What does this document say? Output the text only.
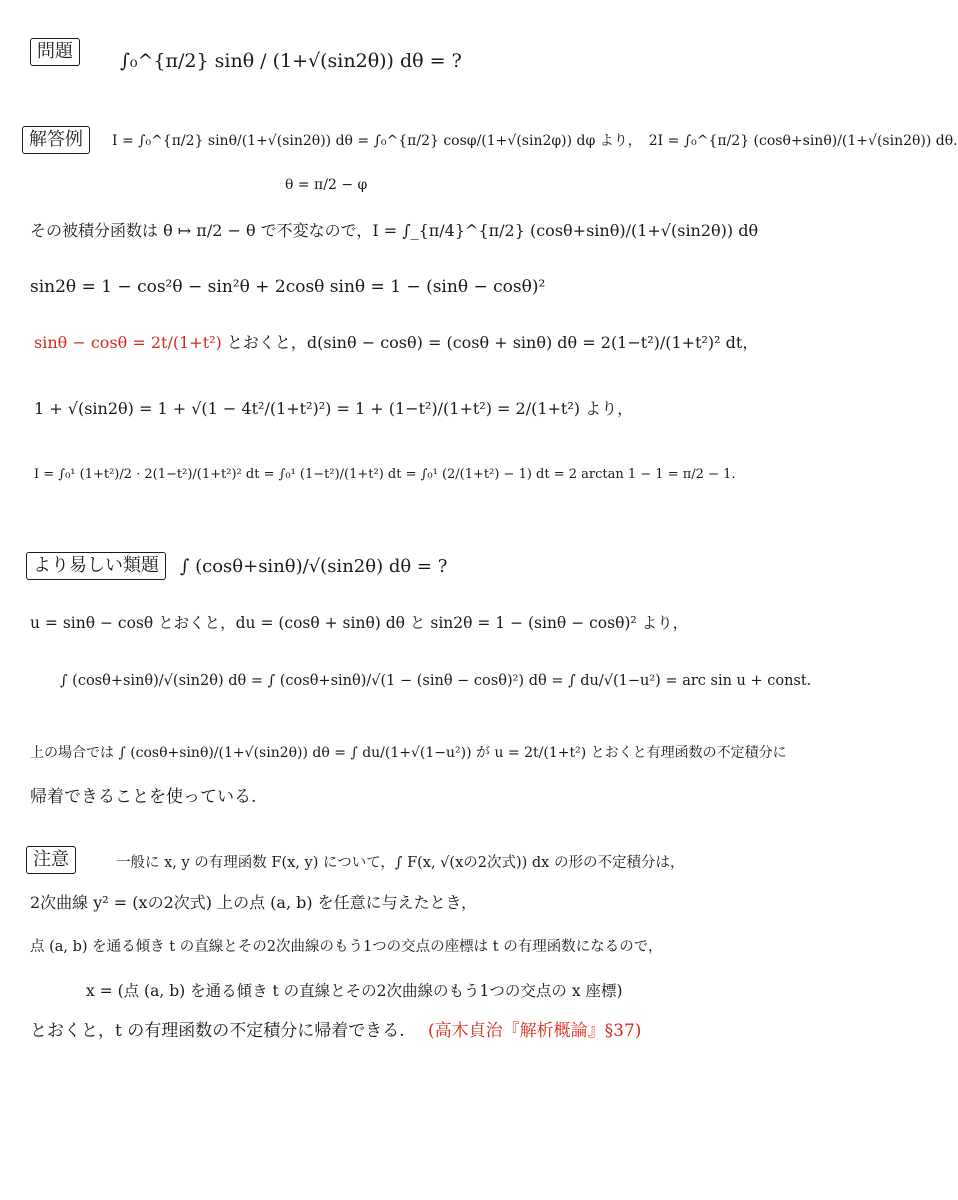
問題	∫₀^{π/2} sinθ / (1+√(sin2θ)) dθ = ?
解答例	I = ∫₀^{π/2} sinθ/(1+√(sin2θ)) dθ = ∫₀^{π/2} cosφ/(1+√(sin2φ)) dφ より，　2I = ∫₀^{π/2} (cosθ+sinθ)/(1+√(sin2θ)) dθ.
θ = π/2 − φ
その被積分函数は θ ↦ π/2 − θ で不変なので，I = ∫_{π/4}^{π/2} (cosθ+sinθ)/(1+√(sin2θ)) dθ
sin2θ = 1 − cos²θ − sin²θ + 2cosθ sinθ = 1 − (sinθ − cosθ)²
sinθ − cosθ = 2t/(1+t²) とおくと，d(sinθ − cosθ) = (cosθ + sinθ) dθ = 2(1−t²)/(1+t²)² dt，
1 + √(sin2θ) = 1 + √(1 − 4t²/(1+t²)²) = 1 + (1−t²)/(1+t²) = 2/(1+t²) より，
I = ∫₀¹ (1+t²)/2 · 2(1−t²)/(1+t²)² dt = ∫₀¹ (1−t²)/(1+t²) dt = ∫₀¹ (2/(1+t²) − 1) dt = 2 arctan 1 − 1 = π/2 − 1.
より易しい類題	∫ (cosθ+sinθ)/√(sin2θ) dθ = ?
u = sinθ − cosθ とおくと，du = (cosθ + sinθ) dθ と sin2θ = 1 − (sinθ − cosθ)² より，
∫ (cosθ+sinθ)/√(sin2θ) dθ = ∫ (cosθ+sinθ)/√(1 − (sinθ − cosθ)²) dθ = ∫ du/√(1−u²) = arc sin u + const.
上の場合では ∫ (cosθ+sinθ)/(1+√(sin2θ)) dθ = ∫ du/(1+√(1−u²)) が u = 2t/(1+t²) とおくと有理函数の不定積分に
帰着できることを使っている.
注意	一般に x, y の有理函数 F(x, y) について，∫ F(x, √(xの2次式)) dx の形の不定積分は，
2次曲線 y² = (xの2次式) 上の点 (a, b) を任意に与えたとき，
点 (a, b) を通る傾き t の直線とその2次曲線のもう1つの交点の座標は t の有理函数になるので，
x = (点 (a, b) を通る傾き t の直線とその2次曲線のもう1つの交点の x 座標)
とおくと，t の有理函数の不定積分に帰着できる. (高木貞治『解析概論』§37)
